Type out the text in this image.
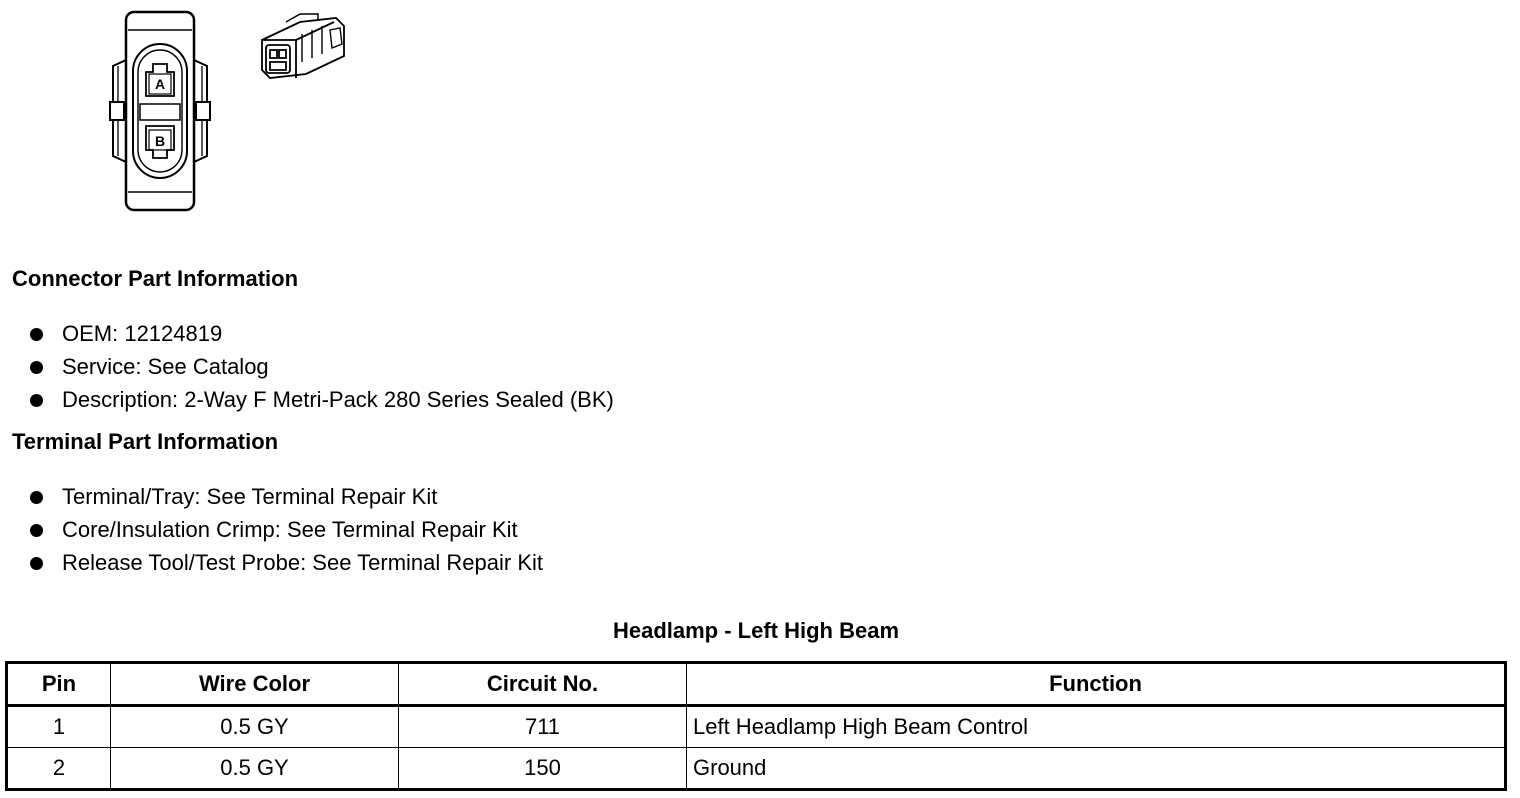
A
B
Connector Part Information
OEM: 12124819
Service: See Catalog
Description: 2-Way F Metri-Pack 280 Series Sealed (BK)
Terminal Part Information
Terminal/Tray: See Terminal Repair Kit
Core/Insulation Crimp: See Terminal Repair Kit
Release Tool/Test Probe: See Terminal Repair Kit
Headlamp - Left High Beam
Pin	Wire Color	Circuit No.	Function
1	0.5 GY	711	Left Headlamp High Beam Control
2	0.5 GY	150	Ground
